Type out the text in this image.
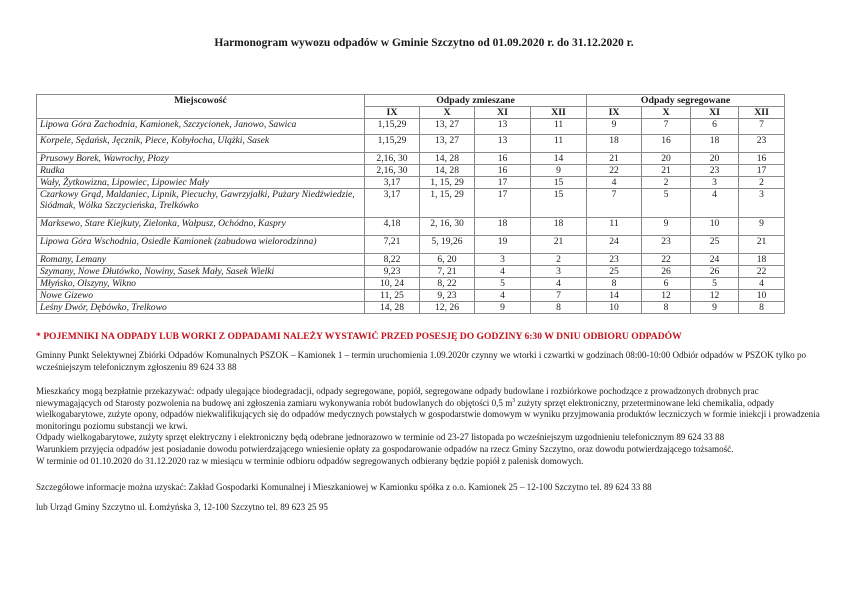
Harmonogram wywozu odpadów w Gminie Szczytno od 01.09.2020 r. do 31.12.2020 r.
Miejscowość	Odpady zmieszane				Odpady segregowane			
	IX	X	XI	XII	IX	X	XI	XII
Lipowa Góra Zachodnia, Kamionek, Szczycionek, Janowo, Sawica	1,15,29	13, 27	13	11	9	7	6	7
Korpele, Sędańsk, Jęcznik, Piece, Kobyłocha, Ulążki, Sasek	1,15,29	13, 27	13	11	18	16	18	23
Prusowy Borek, Wawrochy, Płozy	2,16, 30	14, 28	16	14	21	20	20	16
Rudka	2,16, 30	14, 28	16	9	22	21	23	17
Wały, Żytkowizna, Lipowiec, Lipowiec Mały	3,17	1, 15, 29	17	15	4	2	3	2
Czarkowy Grąd, Maldaniec, Lipnik, Piecuchy, Gawrzyjałki, Pużary Niedźwiedzie, Siódmak, Wólka Szczycieńska, Trelkówko	3,17	1, 15, 29	17	15	7	5	4	3
Marksewo, Stare Kiejkuty, Zielonka, Wałpusz, Ochódno, Kaspry	4,18	2, 16, 30	18	18	11	9	10	9
Lipowa Góra Wschodnia, Osiedle Kamionek (zabudowa wielorodzinna)	7,21	5, 19,26	19	21	24	23	25	21
Romany, Lemany	8,22	6, 20	3	2	23	22	24	18
Szymany, Nowe Dłutówko, Nowiny, Sasek Mały, Sasek Wielki	9,23	7, 21	4	3	25	26	26	22
Młyńsko, Olszyny, Wikno	10, 24	8, 22	5	4	8	6	5	4
Nowe Gizewo	11, 25	9, 23	4	7	14	12	12	10
Leśny Dwór, Dębówko, Trelkowo	14, 28	12, 26	9	8	10	8	9	8
* POJEMNIKI NA ODPADY LUB WORKI Z ODPADAMI NALEŻY WYSTAWIĆ PRZED POSESJĘ DO GODZINY 6:30 W DNIU ODBIORU ODPADÓW
Gminny Punkt Selektywnej Zbiórki Odpadów Komunalnych PSZOK – Kamionek 1 – termin uruchomienia 1.09.2020r czynny we wtorki i czwartki w godzinach 08:00-10:00 Odbiór odpadów w PSZOK tylko po wcześniejszym telefonicznym zgłoszeniu 89 624 33 88
Mieszkańcy mogą bezpłatnie przekazywać: odpady ulegające biodegradacji, odpady segregowane, popiół, segregowane odpady budowlane i rozbiórkowe pochodzące z prowadzonych drobnych prac niewymagających od Starosty pozwolenia na budowę ani zgłoszenia zamiaru wykonywania robót budowlanych do objętości 0,5 $m^3$ zużyty sprzęt elektroniczny, przeterminowane leki chemikalia, odpady wielkogabarytowe, zużyte opony, odpadów niekwalifikujących się do odpadów medycznych powstałych w gospodarstwie domowym w wyniku przyjmowania produktów leczniczych w formie iniekcji i prowadzenia monitoringu poziomu substancji we krwi.
Odpady wielkogabarytowe, zużyty sprzęt elektryczny i elektroniczny będą odebrane jednorazowo w terminie od 23-27 listopada po wcześniejszym uzgodnieniu telefonicznym 89 624 33 88
Warunkiem przyjęcia odpadów jest posiadanie dowodu potwierdzającego wniesienie opłaty za gospodarowanie odpadów na rzecz Gminy Szczytno, oraz dowodu potwierdzającego tożsamość.
W terminie od 01.10.2020 do 31.12.2020 raz w miesiącu w terminie odbioru odpadów segregowanych odbierany będzie popiół z palenisk domowych.
Szczegółowe informacje można uzyskać: Zakład Gospodarki Komunalnej i Mieszkaniowej w Kamionku spółka z o.o. Kamionek 25 – 12-100 Szczytno tel. 89 624 33 88
lub Urząd Gminy Szczytno ul. Łomżyńska 3, 12-100 Szczytno tel. 89 623 25 95
